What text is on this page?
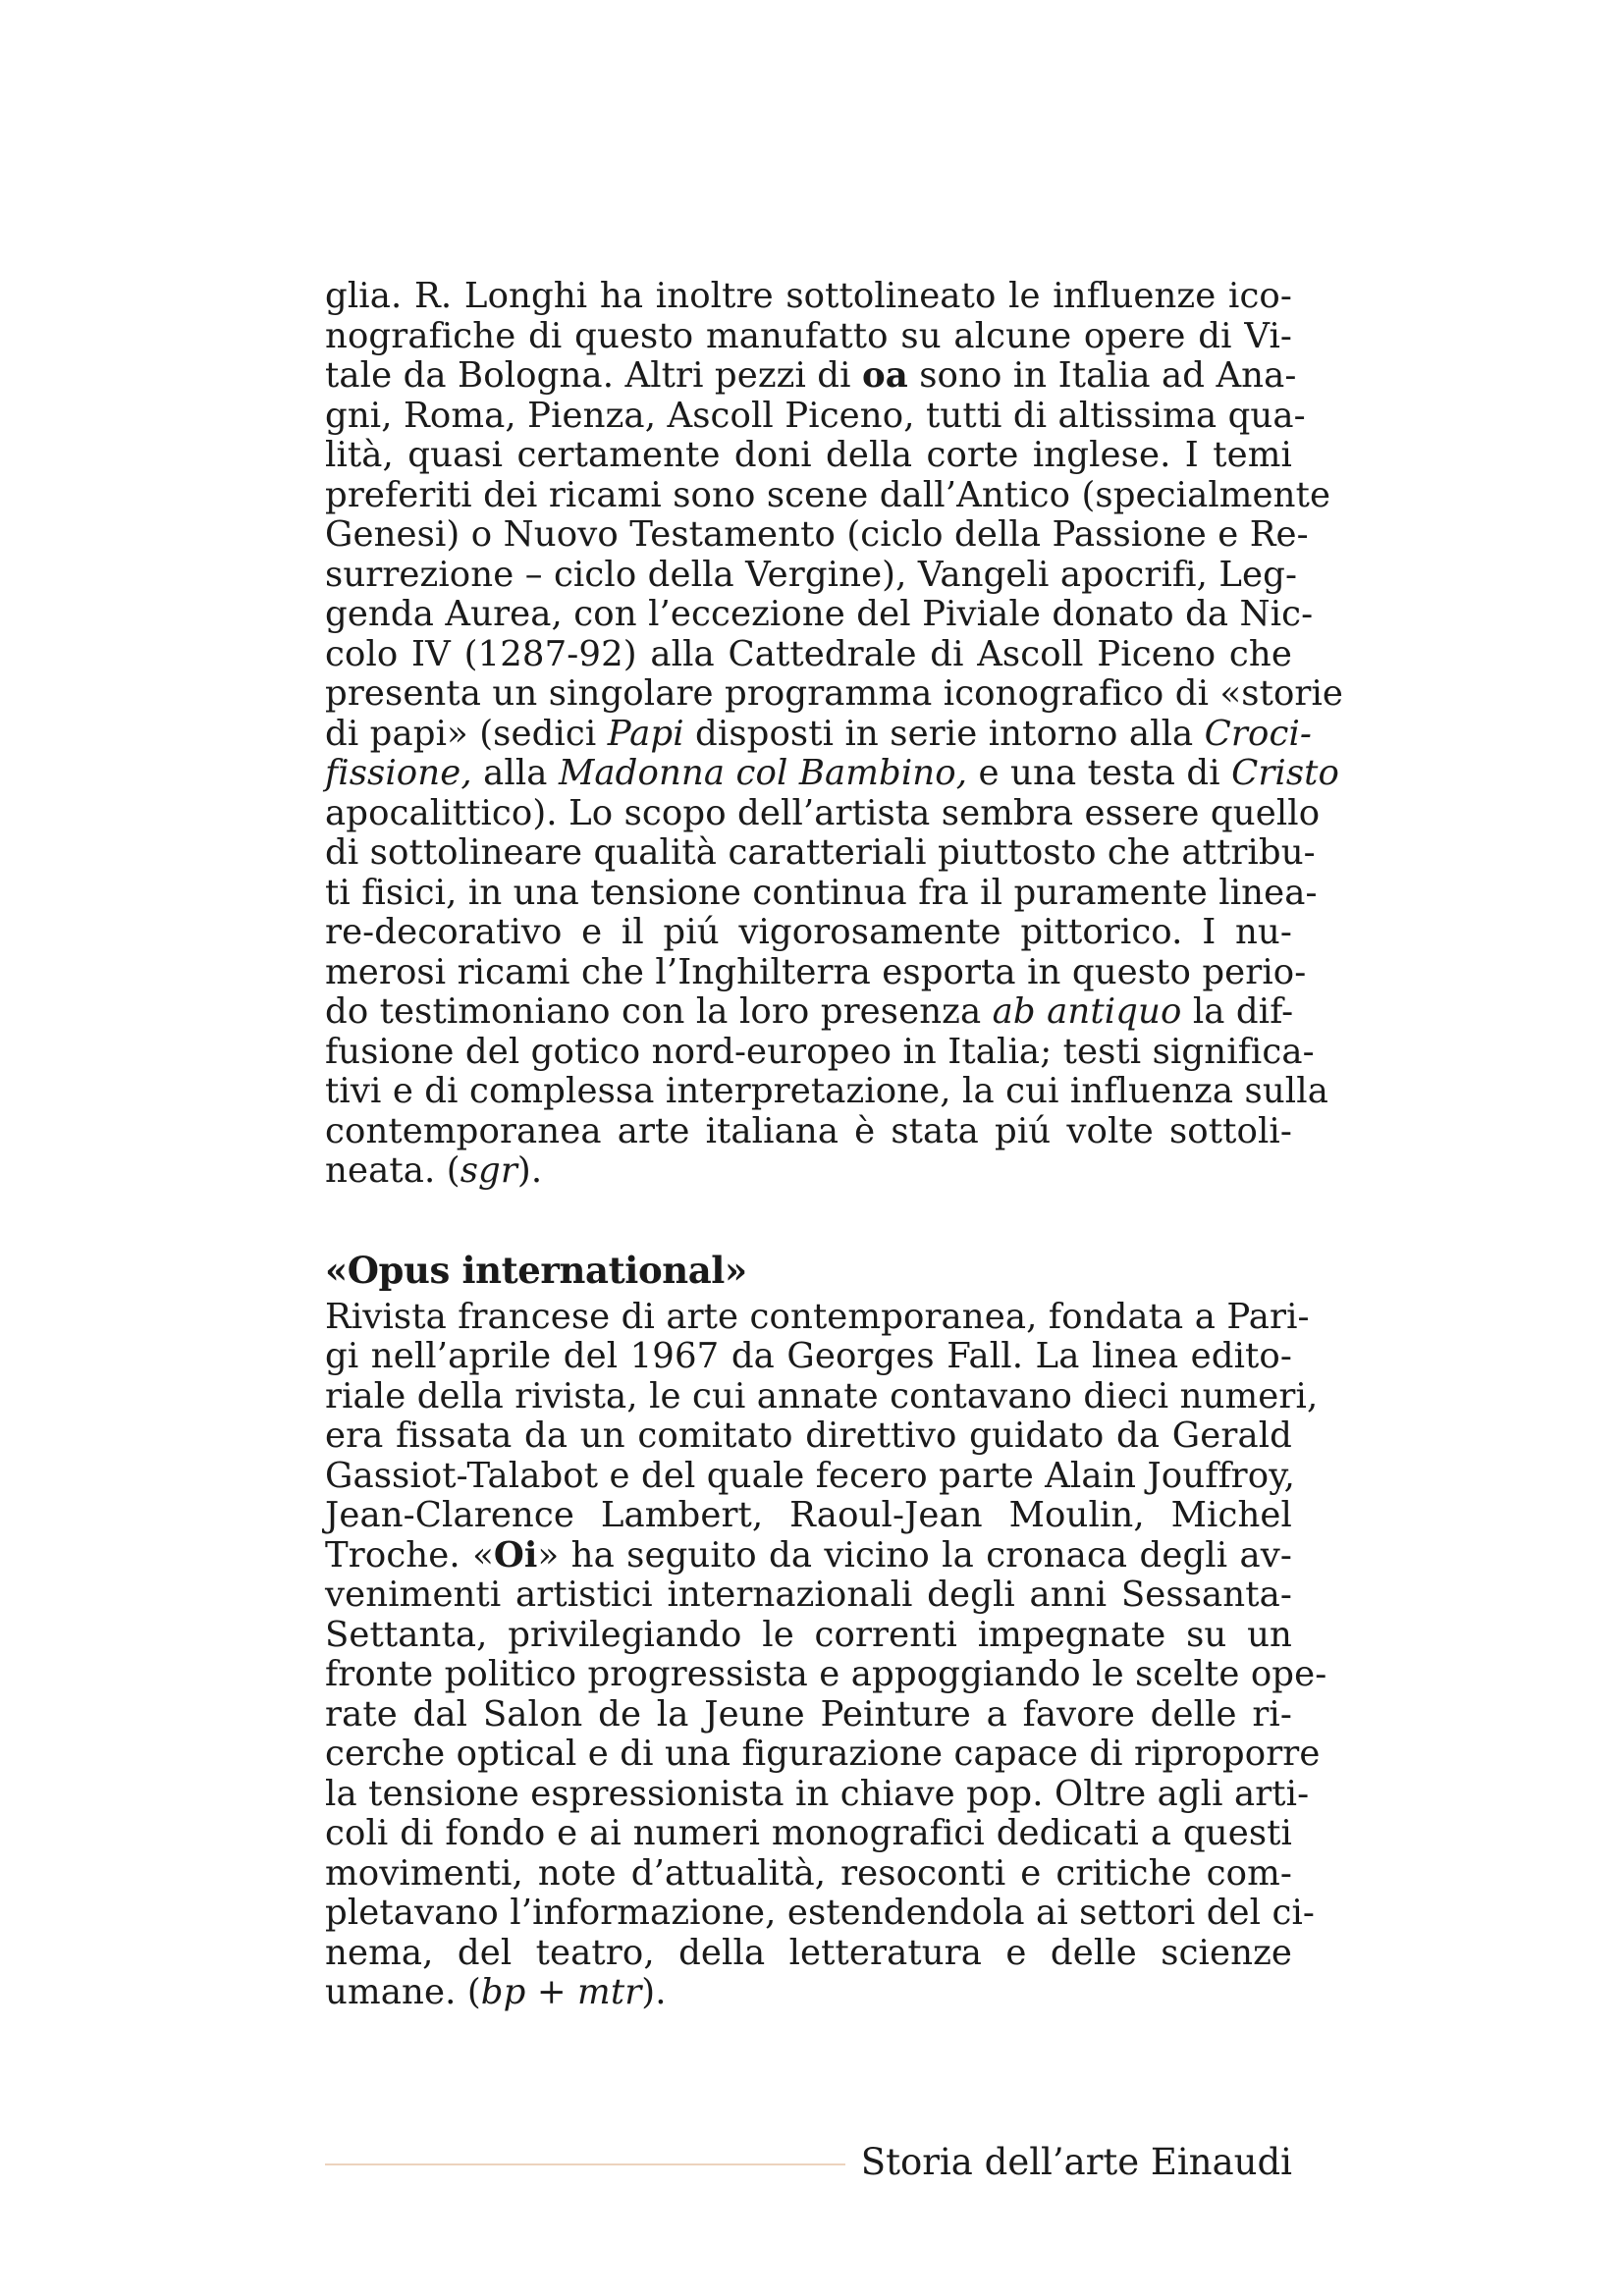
glia. R. Longhi ha inoltre sottolineato le influenze ico-
nografiche di questo manufatto su alcune opere di Vi-
tale da Bologna. Altri pezzi di oa sono in Italia ad Ana-
gni, Roma, Pienza, Ascoll Piceno, tutti di altissima qua-
lità, quasi certamente doni della corte inglese. I temi
preferiti dei ricami sono scene dall’Antico (specialmente
Genesi) o Nuovo Testamento (ciclo della Passione e Re-
surrezione – ciclo della Vergine), Vangeli apocrifi, Leg-
genda Aurea, con l’eccezione del Piviale donato da Nic-
colo IV (1287-92) alla Cattedrale di Ascoll Piceno che
presenta un singolare programma iconografico di «storie
di papi» (sedici Papi disposti in serie intorno alla Croci-
fissione, alla Madonna col Bambino, e una testa di Cristo
apocalittico). Lo scopo dell’artista sembra essere quello
di sottolineare qualità caratteriali piuttosto che attribu-
ti fisici, in una tensione continua fra il puramente linea-
re-decorativo e il piú vigorosamente pittorico. I nu-
merosi ricami che l’Inghilterra esporta in questo perio-
do testimoniano con la loro presenza ab antiquo la dif-
fusione del gotico nord-europeo in Italia; testi significa-
tivi e di complessa interpretazione, la cui influenza sulla
contemporanea arte italiana è stata piú volte sottoli-
neata. (sgr).

«Opus international»

Rivista francese di arte contemporanea, fondata a Pari-
gi nell’aprile del 1967 da Georges Fall. La linea edito-
riale della rivista, le cui annate contavano dieci numeri,
era fissata da un comitato direttivo guidato da Gerald
Gassiot-Talabot e del quale fecero parte Alain Jouffroy,
Jean-Clarence Lambert, Raoul-Jean Moulin, Michel
Troche. «Oi» ha seguito da vicino la cronaca degli av-
venimenti artistici internazionali degli anni Sessanta-
Settanta, privilegiando le correnti impegnate su un
fronte politico progressista e appoggiando le scelte ope-
rate dal Salon de la Jeune Peinture a favore delle ri-
cerche optical e di una figurazione capace di riproporre
la tensione espressionista in chiave pop. Oltre agli arti-
coli di fondo e ai numeri monografici dedicati a questi
movimenti, note d’attualità, resoconti e critiche com-
pletavano l’informazione, estendendola ai settori del ci-
nema, del teatro, della letteratura e delle scienze
umane. (bp + mtr).

Storia dell’arte Einaudi
